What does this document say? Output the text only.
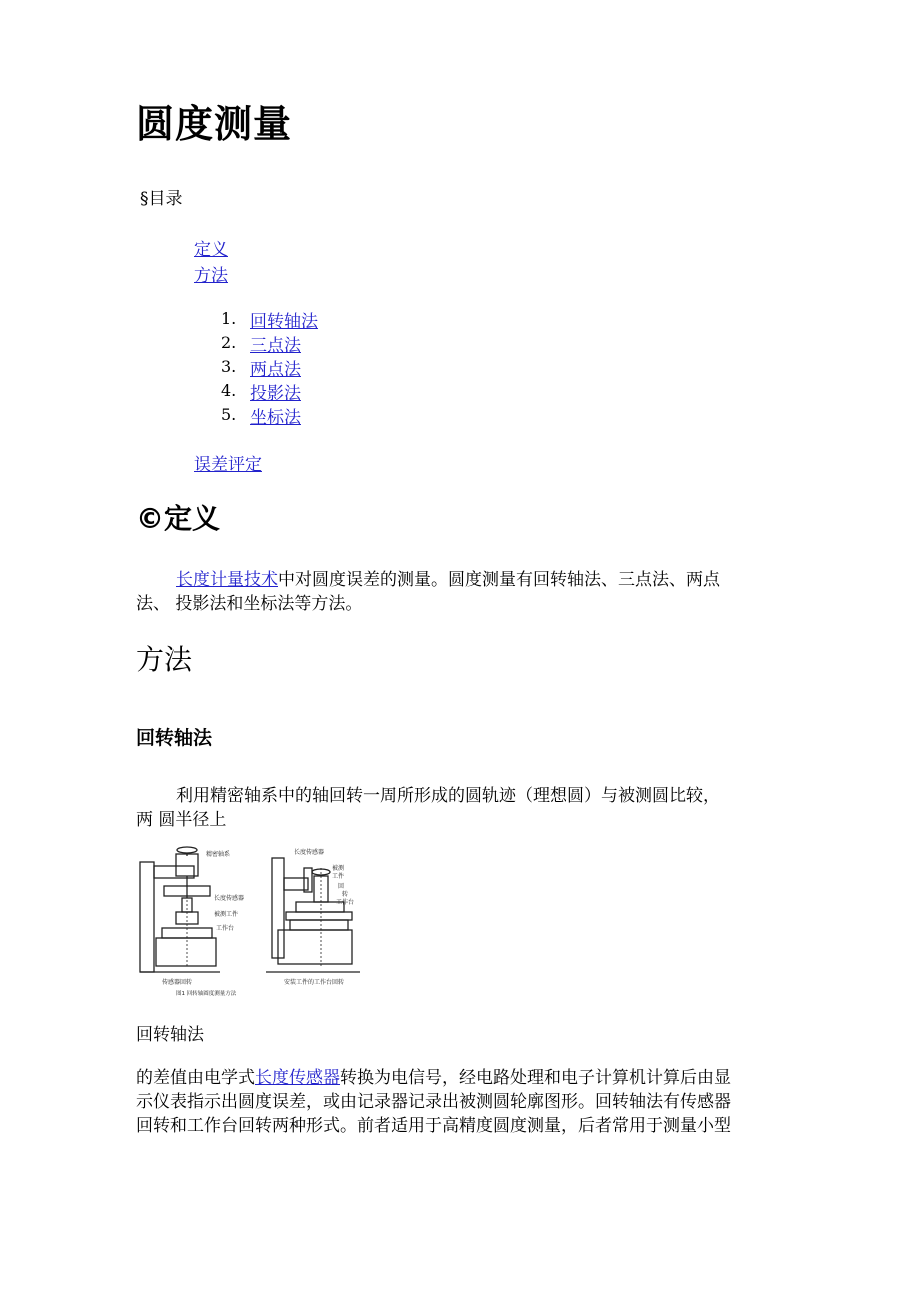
圆度测量
§目录
定义
方法
1. 回转轴法
2. 三点法
3. 两点法
4. 投影法
5. 坐标法
误差评定
©定义
长度计量技术中对圆度误差的测量。圆度测量有回转轴法、三点法、两点
法、 投影法和坐标法等方法。
方法
回转轴法
利用精密轴系中的轴回转一周所形成的圆轨迹（理想圆）与被测圆比较，
两 圆半径上
精密轴系
长度传感器
被测工件
工作台
传感器回转
长度传感器
被测
工件
回
转
工作台
安装工件的工作台回转
图1 回转轴圆度测量方法
回转轴法
的差值由电学式长度传感器转换为电信号，经电路处理和电子计算机计算后由显
示仪表指示出圆度误差，或由记录器记录出被测圆轮廓图形。回转轴法有传感器
回转和工作台回转两种形式。前者适用于高精度圆度测量，后者常用于测量小型
